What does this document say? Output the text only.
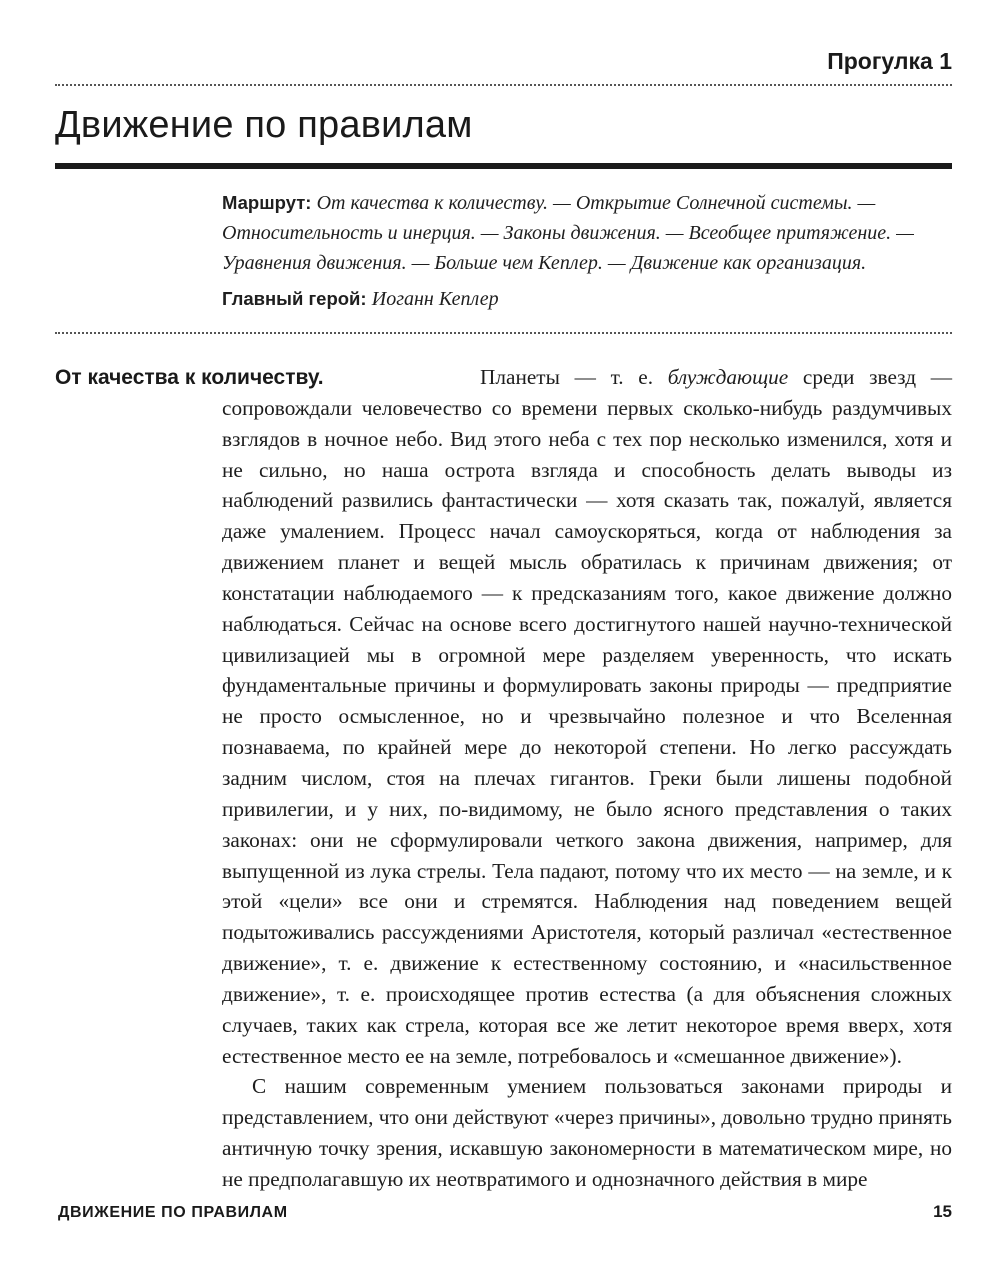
Прогулка 1
Движение по правилам
Маршрут: От качества к количеству. — Открытие Солнечной системы. — Относительность и инерция. — Законы движения. — Всеобщее притяжение. — Уравнения движения. — Больше чем Кеплер. — Движение как организация.
Главный герой: Иоганн Кеплер
От качества к количеству.	Планеты — т. е. блуждающие среди звезд — сопровождали человечество со времени первых сколько-нибудь раздумчивых взглядов в ночное небо. Вид этого неба с тех пор несколько изменился, хотя и не сильно, но наша острота взгляда и способность делать выводы из наблюдений развились фантастически — хотя сказать так, пожалуй, является даже умалением. Процесс начал самоускоряться, когда от наблюдения за движением планет и вещей мысль обратилась к причинам движения; от констатации наблюдаемого — к предсказаниям того, какое движение должно наблюдаться. Сейчас на основе всего достигнутого нашей научно-технической цивилизацией мы в огромной мере разделяем уверенность, что искать фундаментальные причины и формулировать законы природы — предприятие не просто осмысленное, но и чрезвычайно полезное и что Вселенная познаваема, по крайней мере до некоторой степени. Но легко рассуждать задним числом, стоя на плечах гигантов. Греки были лишены подобной привилегии, и у них, по-видимому, не было ясного представления о таких законах: они не сформулировали четкого закона движения, например, для выпущенной из лука стрелы. Тела падают, потому что их место — на земле, и к этой «цели» все они и стремятся. Наблюдения над поведением вещей подытоживались рассуждениями Аристотеля, который различал «естественное движение», т. е. движение к естественному состоянию, и «насильственное движение», т. е. происходящее против естества (а для объяснения сложных случаев, таких как стрела, которая все же летит некоторое время вверх, хотя естественное место ее на земле, потребовалось и «смешанное движение»).

С нашим современным умением пользоваться законами природы и представлением, что они действуют «через причины», довольно трудно принять античную точку зрения, искавшую закономерности в математическом мире, но не предполагавшую их неотвратимого и однозначного действия в мире

ДВИЖЕНИЕ ПО ПРАВИЛАМ	15
